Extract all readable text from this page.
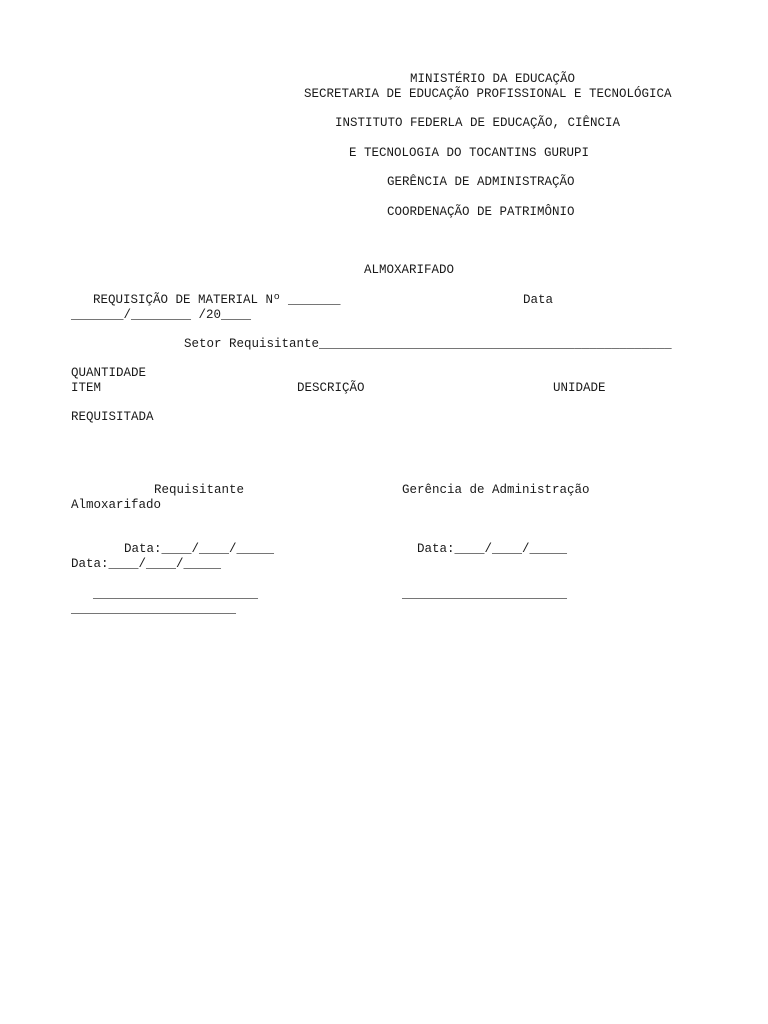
MINISTÉRIO DA EDUCAÇÃO
SECRETARIA DE EDUCAÇÃO PROFISSIONAL E TECNOLÓGICA
INSTITUTO FEDERLA DE EDUCAÇÃO, CIÊNCIA
E TECNOLOGIA DO TOCANTINS GURUPI
GERÊNCIA DE ADMINISTRAÇÃO
COORDENAÇÃO DE PATRIMÔNIO
ALMOXARIFADO
REQUISIÇÃO DE MATERIAL Nº _______	Data
_______/________ /20____
Setor Requisitante_______________________________________________
QUANTIDADE
ITEM	DESCRIÇÃO	UNIDADE
REQUISITADA
Requisitante	Gerência de Administração
Almoxarifado
Data:____/____/_____	Data:____/____/_____
Data:____/____/_____
______________________	______________________
______________________
